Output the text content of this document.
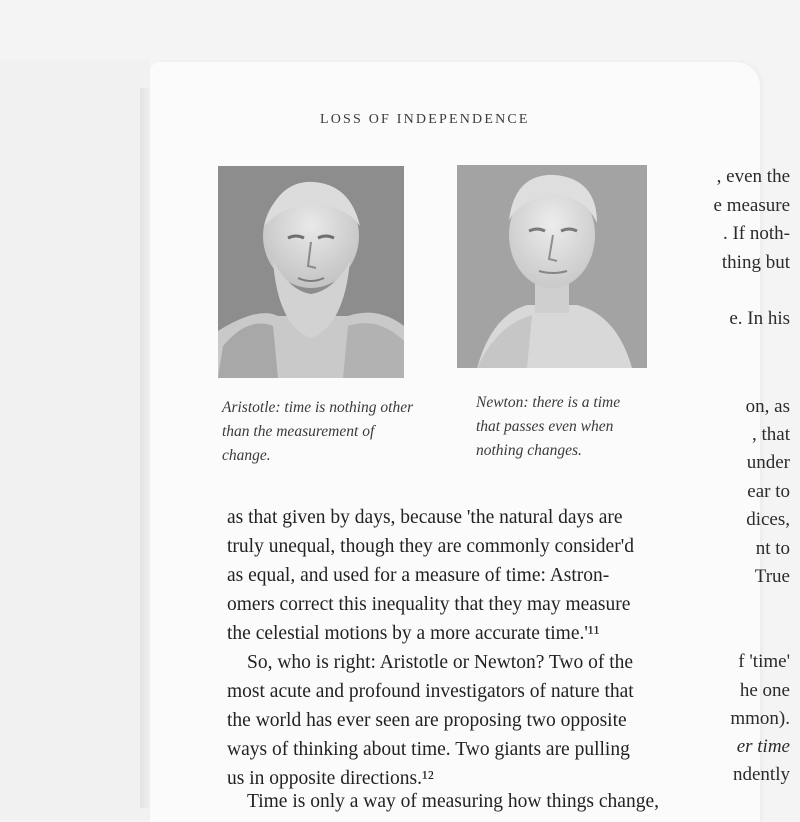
, even the
e measure
. If noth-
thing but
e. In his
on, as
, that
under
ear to
dices,
nt to
True
f 'time'
he one
mmon).
er time
ndently
LOSS OF INDEPENDENCE
Aristotle: time is nothing other
than the measurement of
change.
Newton: there is a time
that passes even when
nothing changes.
as that given by days, because 'the natural days are
truly unequal, though they are commonly consider'd
as equal, and used for a measure of time: Astron-
omers correct this inequality that they may measure
the celestial motions by a more accurate time.'¹¹
So, who is right: Aristotle or Newton? Two of the
most acute and profound investigators of nature that
the world has ever seen are proposing two opposite
ways of thinking about time. Two giants are pulling
us in opposite directions.¹²
Time is only a way of measuring how things change,
